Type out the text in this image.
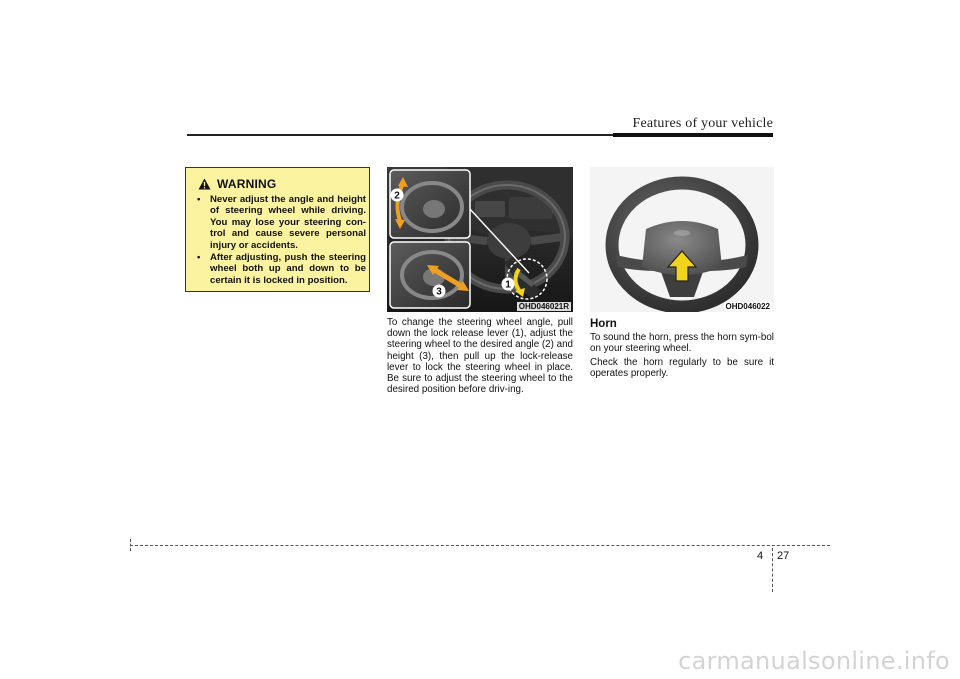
Features of your vehicle
WARNING
• Never adjust the angle and height of steering wheel while driving. You may lose your steering con-trol and cause severe personal injury or accidents.
• After adjusting, push the steering wheel both up and down to be certain it is locked in position.
2
3
1
OHD046021R

To change the steering wheel angle, pull down the lock release lever (1), adjust the steering wheel to the desired angle (2) and height (3), then pull up the lock-release lever to lock the steering wheel in place. Be sure to adjust the steering wheel to the desired position before driv-ing.

OHD046022
Horn

To sound the horn, press the horn sym-bol on your steering wheel.

Check the horn regularly to be sure it operates properly.

4 27
carmanualsonline.info
